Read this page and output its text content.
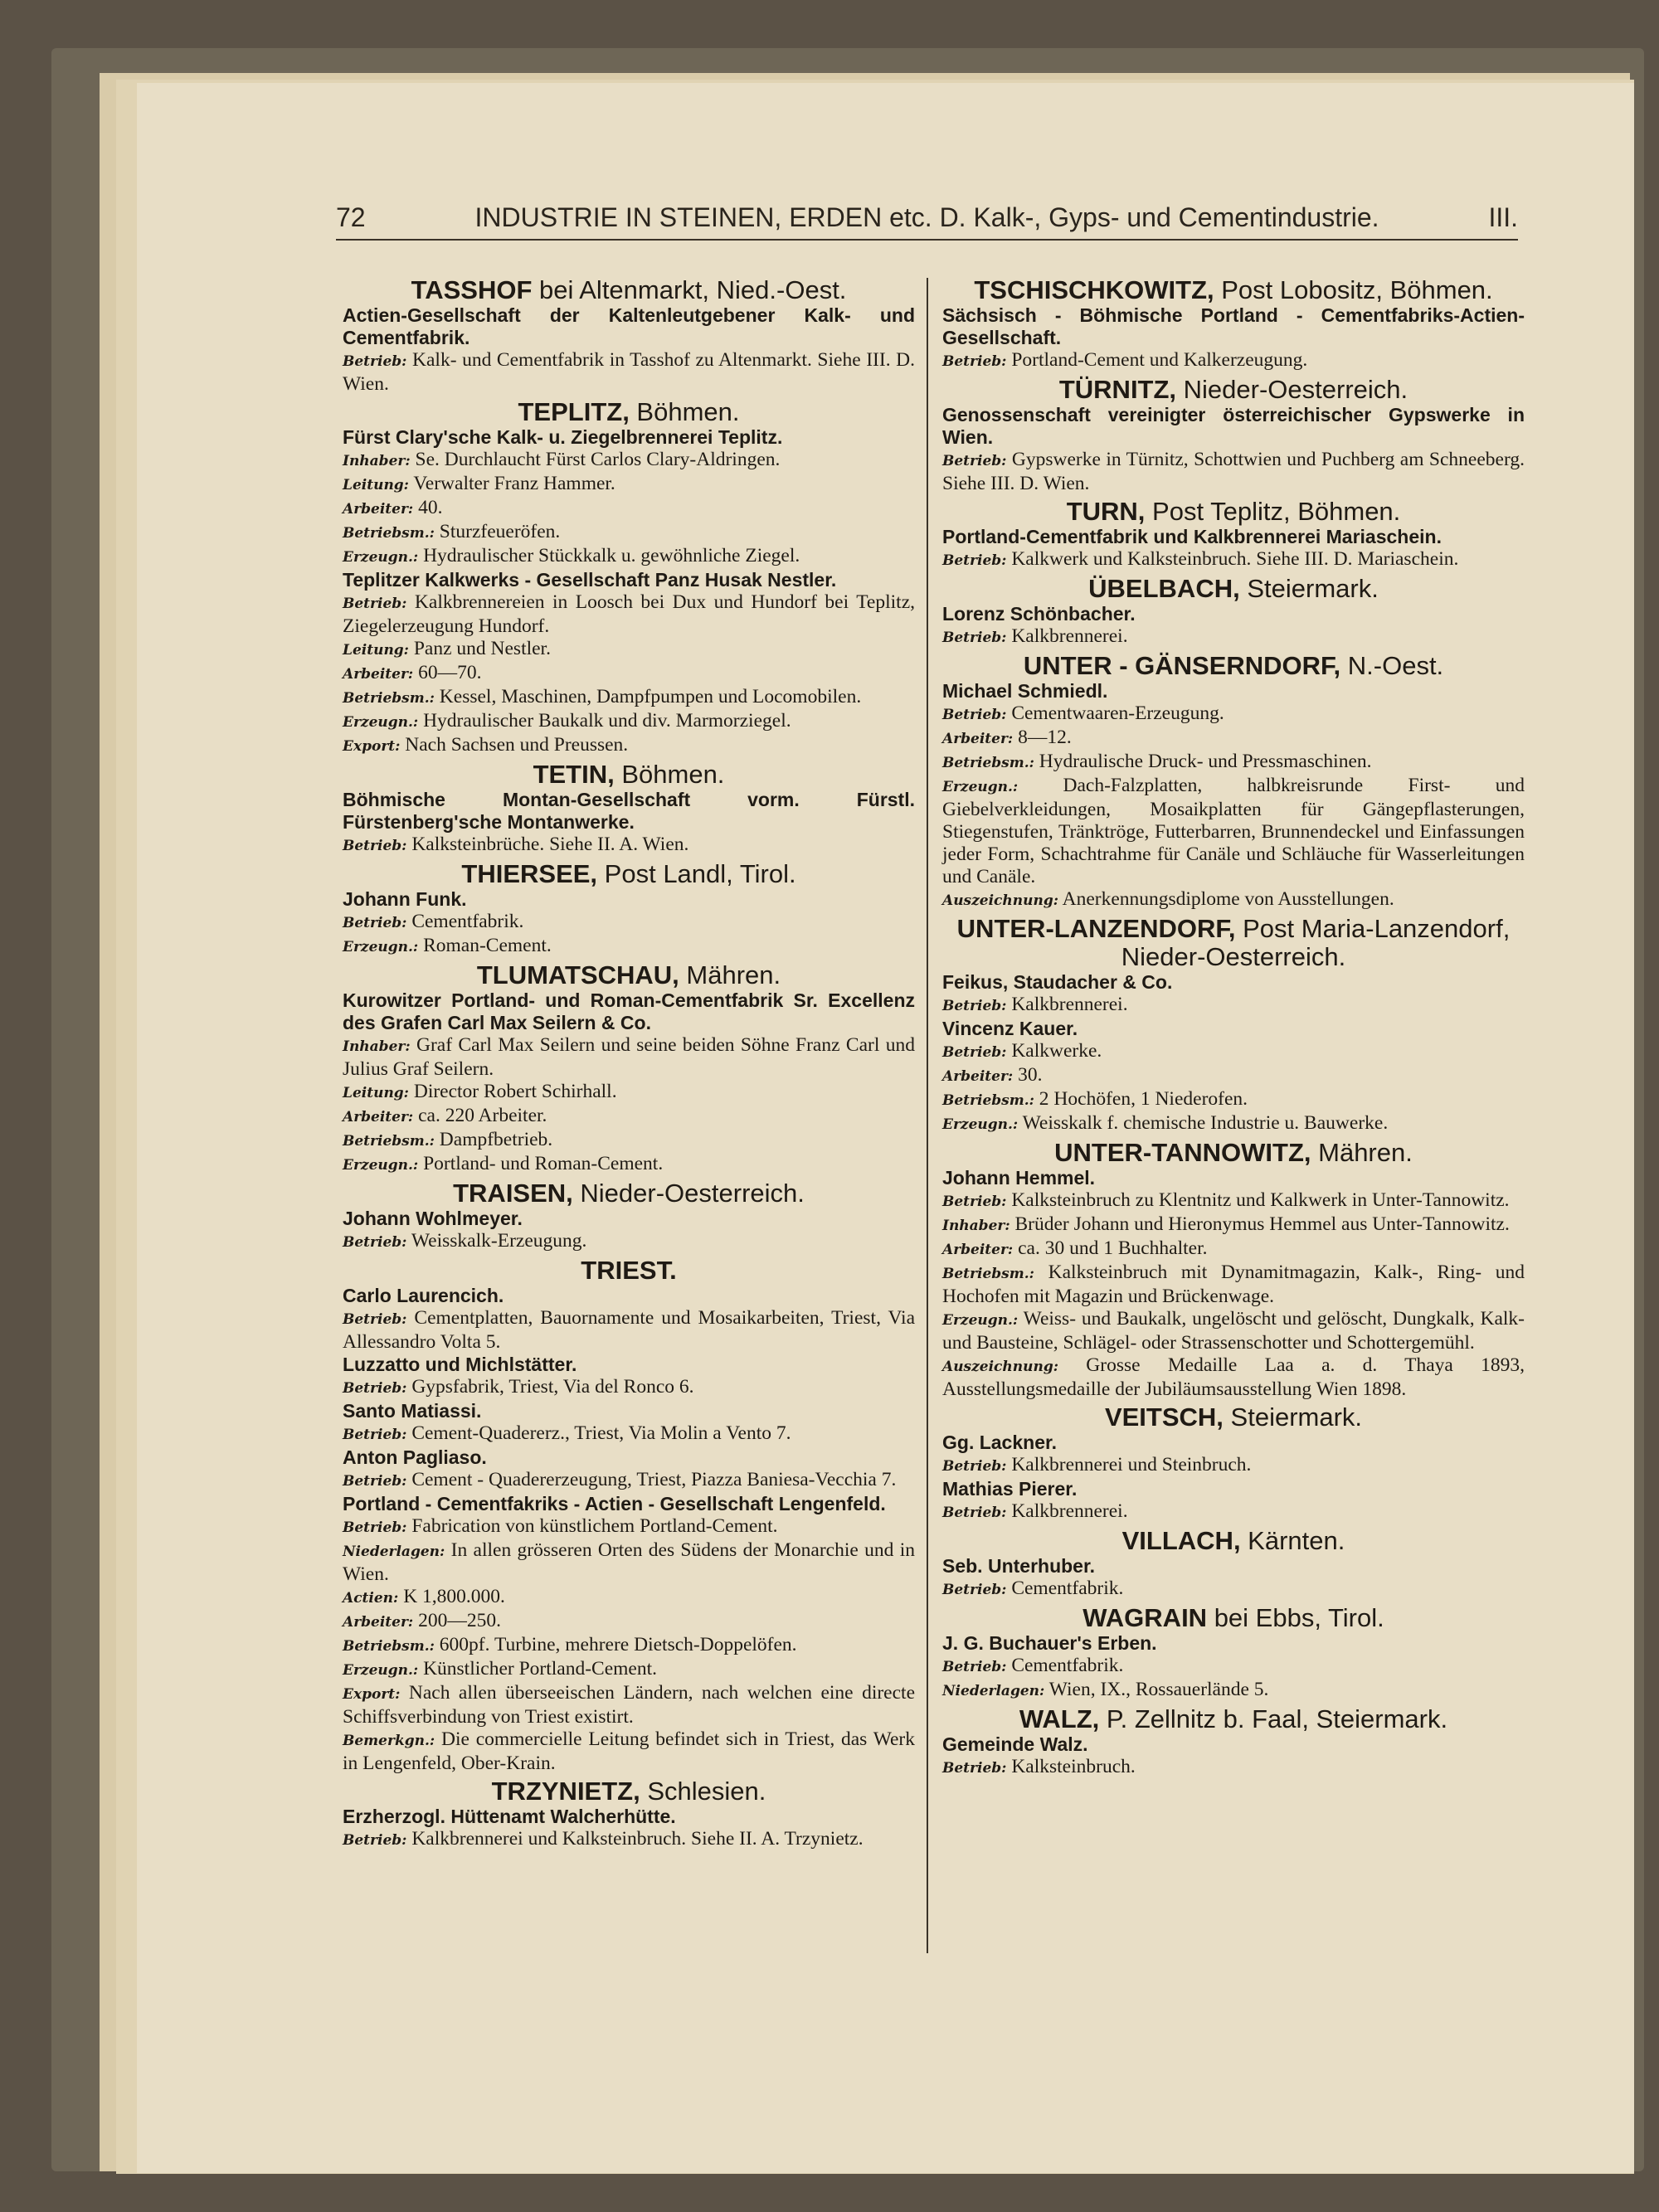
72	INDUSTRIE IN STEINEN, ERDEN etc. D. Kalk-, Gyps- und Cementindustrie.	III.
TASSHOF bei Altenmarkt, Nied.-Oest.
Actien-Gesellschaft der Kaltenleutgebener Kalk- und Cementfabrik.
Betrieb: Kalk- und Cementfabrik in Tasshof zu Altenmarkt. Siehe III. D. Wien.
TEPLITZ, Böhmen.
Fürst Clary'sche Kalk- u. Ziegelbrennerei Teplitz.
Inhaber: Se. Durchlaucht Fürst Carlos Clary-Aldringen.
Leitung: Verwalter Franz Hammer.
Arbeiter: 40.
Betriebsm.: Sturzfeueröfen.
Erzeugn.: Hydraulischer Stückkalk u. gewöhnliche Ziegel.
Teplitzer Kalkwerks - Gesellschaft Panz Husak Nestler.
Betrieb: Kalkbrennereien in Loosch bei Dux und Hundorf bei Teplitz, Ziegelerzeugung Hundorf.
Leitung: Panz und Nestler.
Arbeiter: 60—70.
Betriebsm.: Kessel, Maschinen, Dampfpumpen und Locomobilen.
Erzeugn.: Hydraulischer Baukalk und div. Marmorziegel.
Export: Nach Sachsen und Preussen.
TETIN, Böhmen.
Böhmische Montan-Gesellschaft vorm. Fürstl. Fürstenberg'sche Montanwerke.
Betrieb: Kalksteinbrüche. Siehe II. A. Wien.
THIERSEE, Post Landl, Tirol.
Johann Funk.
Betrieb: Cementfabrik.
Erzeugn.: Roman-Cement.
TLUMATSCHAU, Mähren.
Kurowitzer Portland- und Roman-Cementfabrik Sr. Excellenz des Grafen Carl Max Seilern & Co.
Inhaber: Graf Carl Max Seilern und seine beiden Söhne Franz Carl und Julius Graf Seilern.
Leitung: Director Robert Schirhall.
Arbeiter: ca. 220 Arbeiter.
Betriebsm.: Dampfbetrieb.
Erzeugn.: Portland- und Roman-Cement.
TRAISEN, Nieder-Oesterreich.
Johann Wohlmeyer.
Betrieb: Weisskalk-Erzeugung.
TRIEST.
Carlo Laurencich.
Betrieb: Cementplatten, Bauornamente und Mosaikarbeiten, Triest, Via Allessandro Volta 5.
Luzzatto und Michlstätter.
Betrieb: Gypsfabrik, Triest, Via del Ronco 6.
Santo Matiassi.
Betrieb: Cement-Quadererz., Triest, Via Molin a Vento 7.
Anton Pagliaso.
Betrieb: Cement - Quadererzeugung, Triest, Piazza Baniesa-Vecchia 7.
Portland - Cementfakriks - Actien - Gesellschaft Lengenfeld.
Betrieb: Fabrication von künstlichem Portland-Cement.
Niederlagen: In allen grösseren Orten des Südens der Monarchie und in Wien.
Actien: K 1,800.000.
Arbeiter: 200—250.
Betriebsm.: 600pf. Turbine, mehrere Dietsch-Doppelöfen.
Erzeugn.: Künstlicher Portland-Cement.
Export: Nach allen überseeischen Ländern, nach welchen eine directe Schiffsverbindung von Triest existirt.
Bemerkgn.: Die commercielle Leitung befindet sich in Triest, das Werk in Lengenfeld, Ober-Krain.
TRZYNIETZ, Schlesien.
Erzherzogl. Hüttenamt Walcherhütte.
Betrieb: Kalkbrennerei und Kalksteinbruch. Siehe II. A. Trzynietz.
TSCHISCHKOWITZ, Post Lobositz, Böhmen.
Sächsisch - Böhmische Portland - Cementfabriks-Actien-Gesellschaft.
Betrieb: Portland-Cement und Kalkerzeugung.
TÜRNITZ, Nieder-Oesterreich.
Genossenschaft vereinigter österreichischer Gypswerke in Wien.
Betrieb: Gypswerke in Türnitz, Schottwien und Puchberg am Schneeberg. Siehe III. D. Wien.
TURN, Post Teplitz, Böhmen.
Portland-Cementfabrik und Kalkbrennerei Mariaschein.
Betrieb: Kalkwerk und Kalksteinbruch. Siehe III. D. Mariaschein.
ÜBELBACH, Steiermark.
Lorenz Schönbacher.
Betrieb: Kalkbrennerei.
UNTER - GÄNSERNDORF, N.-Oest.
Michael Schmiedl.
Betrieb: Cementwaaren-Erzeugung.
Arbeiter: 8—12.
Betriebsm.: Hydraulische Druck- und Pressmaschinen.
Erzeugn.: Dach-Falzplatten, halbkreisrunde First- und Giebelverkleidungen, Mosaikplatten für Gängepflasterungen, Stiegenstufen, Tränktröge, Futterbarren, Brunnendeckel und Einfassungen jeder Form, Schachtrahme für Canäle und Schläuche für Wasserleitungen und Canäle.
Auszeichnung: Anerkennungsdiplome von Ausstellungen.
UNTER-LANZENDORF, Post Maria-Lanzendorf, Nieder-Oesterreich.
Feikus, Staudacher & Co.
Betrieb: Kalkbrennerei.
Vincenz Kauer.
Betrieb: Kalkwerke.
Arbeiter: 30.
Betriebsm.: 2 Hochöfen, 1 Niederofen.
Erzeugn.: Weisskalk f. chemische Industrie u. Bauwerke.
UNTER-TANNOWITZ, Mähren.
Johann Hemmel.
Betrieb: Kalksteinbruch zu Klentnitz und Kalkwerk in Unter-Tannowitz.
Inhaber: Brüder Johann und Hieronymus Hemmel aus Unter-Tannowitz.
Arbeiter: ca. 30 und 1 Buchhalter.
Betriebsm.: Kalksteinbruch mit Dynamitmagazin, Kalk-, Ring- und Hochofen mit Magazin und Brückenwage.
Erzeugn.: Weiss- und Baukalk, ungelöscht und gelöscht, Dungkalk, Kalk- und Bausteine, Schlägel- oder Strassenschotter und Schottergemühl.
Auszeichnung: Grosse Medaille Laa a. d. Thaya 1893, Ausstellungsmedaille der Jubiläumsausstellung Wien 1898.
VEITSCH, Steiermark.
Gg. Lackner.
Betrieb: Kalkbrennerei und Steinbruch.
Mathias Pierer.
Betrieb: Kalkbrennerei.
VILLACH, Kärnten.
Seb. Unterhuber.
Betrieb: Cementfabrik.
WAGRAIN bei Ebbs, Tirol.
J. G. Buchauer's Erben.
Betrieb: Cementfabrik.
Niederlagen: Wien, IX., Rossauerlände 5.
WALZ, P. Zellnitz b. Faal, Steiermark.
Gemeinde Walz.
Betrieb: Kalksteinbruch.
